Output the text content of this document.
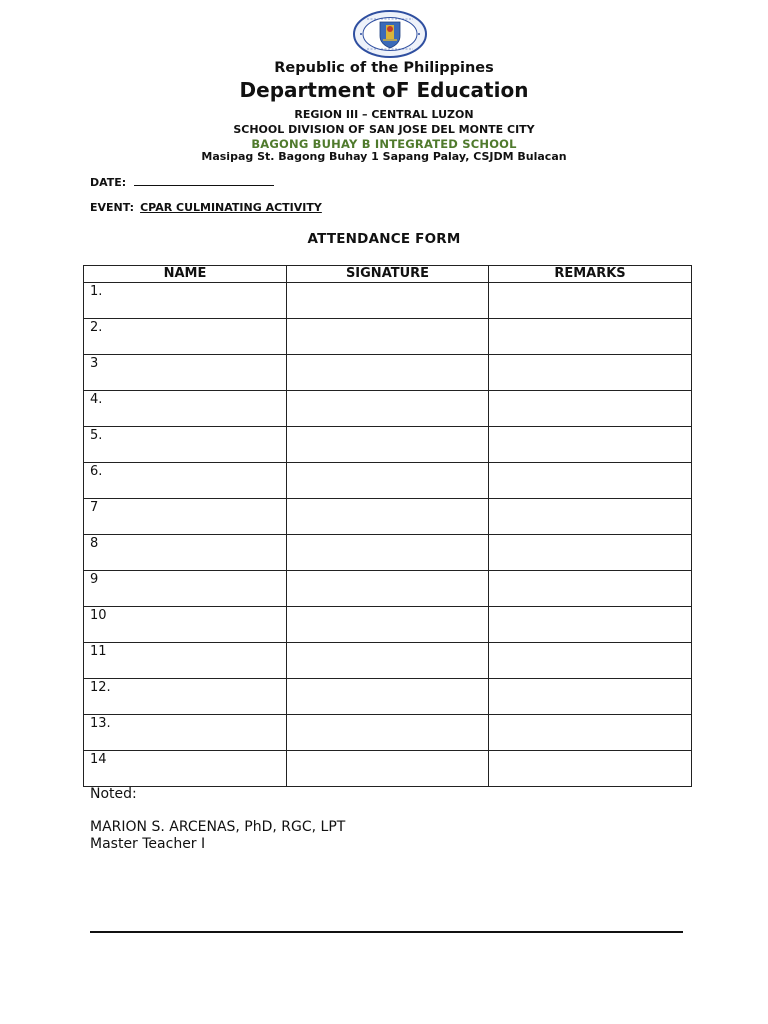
Republic of the Philippines
Department oF Education
REGION III – CENTRAL LUZON
SCHOOL DIVISION OF SAN JOSE DEL MONTE CITY
BAGONG BUHAY B INTEGRATED SCHOOL
Masipag St. Bagong Buhay 1 Sapang Palay, CSJDM Bulacan
DATE:
EVENT: CPAR CULMINATING ACTIVITY
ATTENDANCE FORM
NAME	SIGNATURE	REMARKS
1.		
2.		
3		
4.		
5.		
6.		
7		
8		
9		
10		
11		
12.		
13.		
14		
Noted:
MARION S. ARCENAS, PhD, RGC, LPT
Master Teacher I
